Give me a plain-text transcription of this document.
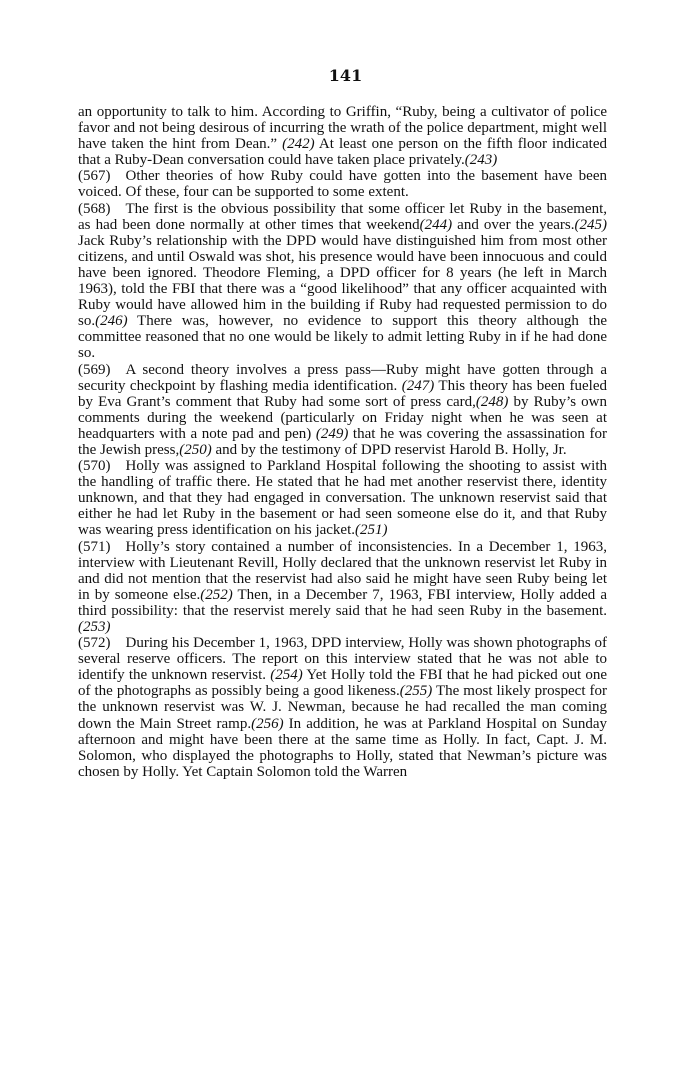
141

an opportunity to talk to him. According to Griffin, “Ruby, being a cultivator of police favor and not being desirous of incurring the wrath of the police department, might well have taken the hint from Dean.” (242) At least one person on the fifth floor indicated that a Ruby-Dean conversation could have taken place privately.(243)

(567)  Other theories of how Ruby could have gotten into the basement have been voiced. Of these, four can be supported to some extent.

(568)  The first is the obvious possibility that some officer let Ruby in the basement, as had been done normally at other times that weekend(244) and over the years.(245) Jack Ruby’s relationship with the DPD would have distinguished him from most other citizens, and until Oswald was shot, his presence would have been innocuous and could have been ignored. Theodore Fleming, a DPD officer for 8 years (he left in March 1963), told the FBI that there was a “good likelihood” that any officer acquainted with Ruby would have allowed him in the building if Ruby had requested permission to do so.(246) There was, however, no evidence to support this theory although the committee reasoned that no one would be likely to admit letting Ruby in if he had done so.

(569)  A second theory involves a press pass—Ruby might have gotten through a security checkpoint by flashing media identification. (247) This theory has been fueled by Eva Grant’s comment that Ruby had some sort of press card,(248) by Ruby’s own comments during the weekend (particularly on Friday night when he was seen at headquarters with a note pad and pen) (249) that he was covering the assassination for the Jewish press,(250) and by the testimony of DPD reservist Harold B. Holly, Jr.

(570)  Holly was assigned to Parkland Hospital following the shooting to assist with the handling of traffic there. He stated that he had met another reservist there, identity unknown, and that they had engaged in conversation. The unknown reservist said that either he had let Ruby in the basement or had seen someone else do it, and that Ruby was wearing press identification on his jacket.(251)

(571)  Holly’s story contained a number of inconsistencies. In a December 1, 1963, interview with Lieutenant Revill, Holly declared that the unknown reservist let Ruby in and did not mention that the reservist had also said he might have seen Ruby being let in by someone else.(252) Then, in a December 7, 1963, FBI interview, Holly added a third possibility: that the reservist merely said that he had seen Ruby in the basement.(253)

(572)  During his December 1, 1963, DPD interview, Holly was shown photographs of several reserve officers. The report on this interview stated that he was not able to identify the unknown reservist. (254) Yet Holly told the FBI that he had picked out one of the photographs as possibly being a good likeness.(255) The most likely prospect for the unknown reservist was W. J. Newman, because he had recalled the man coming down the Main Street ramp.(256) In addition, he was at Parkland Hospital on Sunday afternoon and might have been there at the same time as Holly. In fact, Capt. J. M. Solomon, who displayed the photographs to Holly, stated that Newman’s picture was chosen by Holly. Yet Captain Solomon told the Warren
